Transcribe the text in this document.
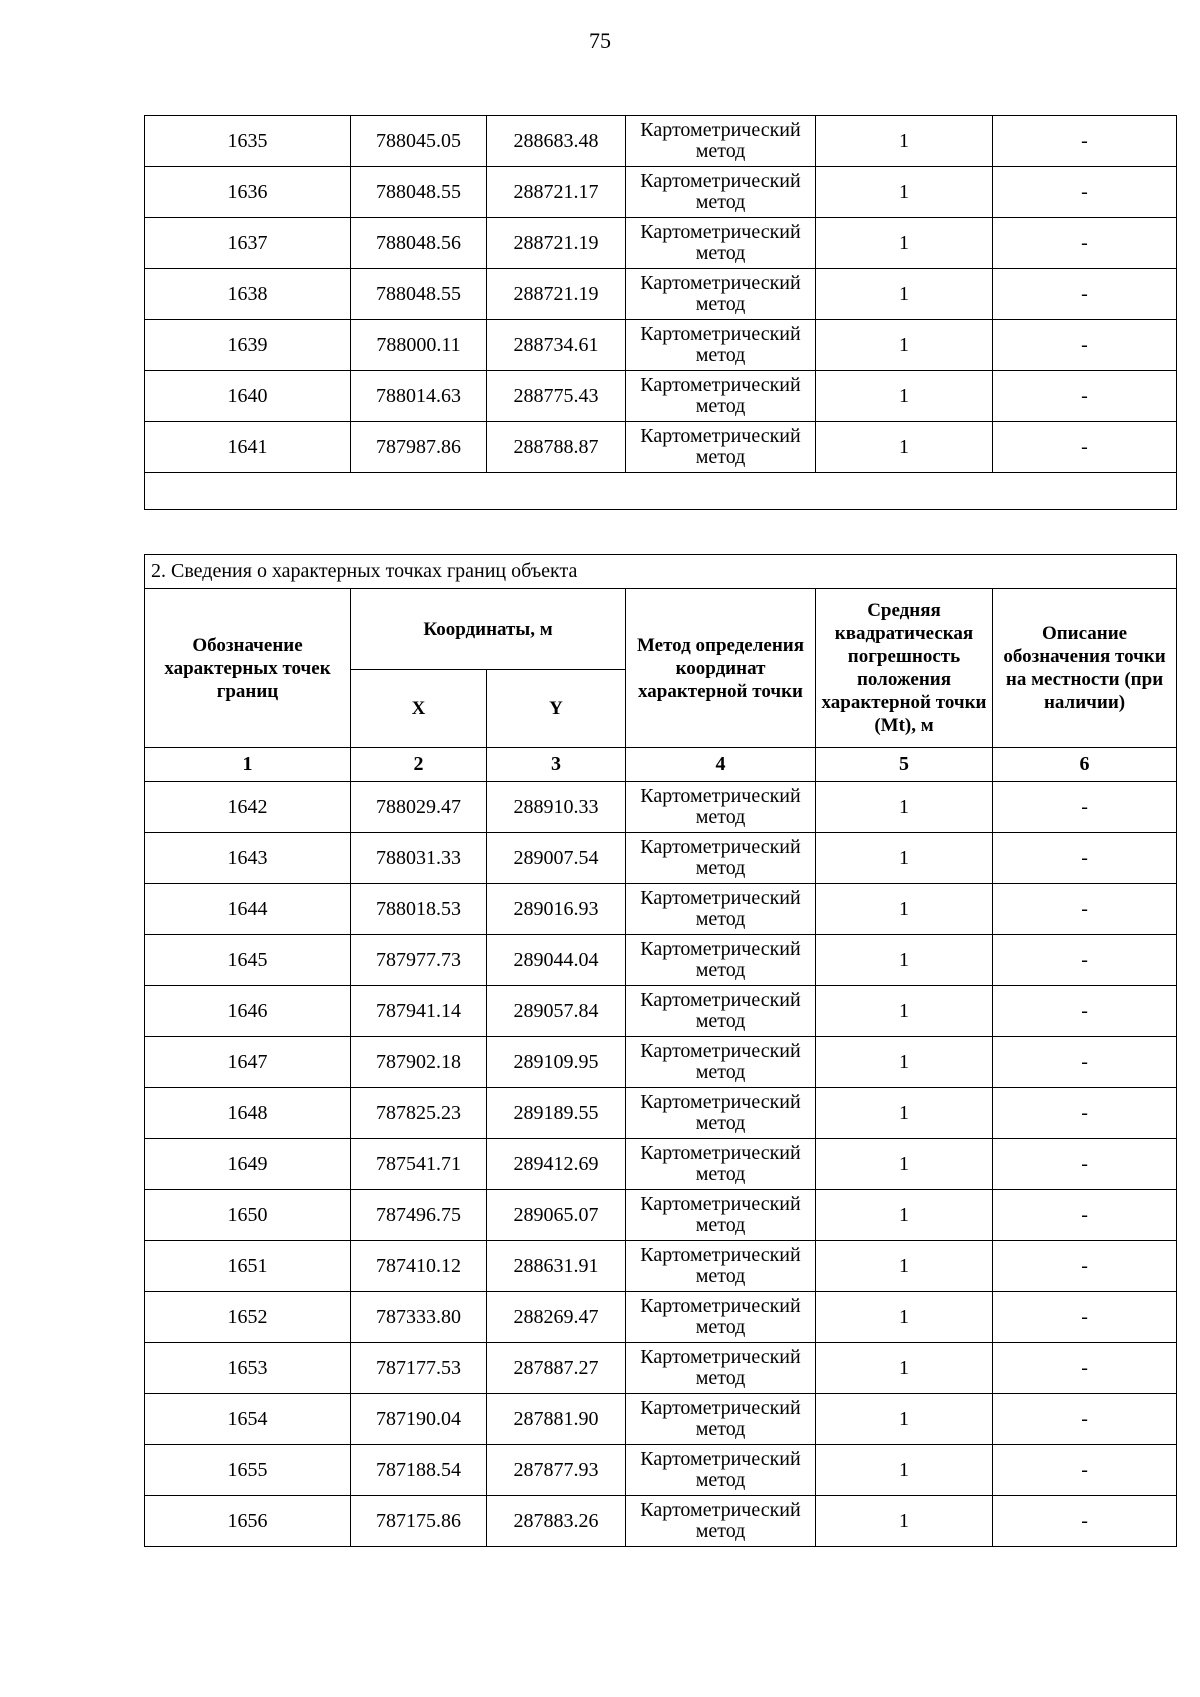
75
1635	788045.05	288683.48	Картометрический метод	1	-
1636	788048.55	288721.17	Картометрический метод	1	-
1637	788048.56	288721.19	Картометрический метод	1	-
1638	788048.55	288721.19	Картометрический метод	1	-
1639	788000.11	288734.61	Картометрический метод	1	-
1640	788014.63	288775.43	Картометрический метод	1	-
1641	787987.86	288788.87	Картометрический метод	1	-

2. Сведения о характерных точках границ объекта					
Обозначение характерных точек границ	Координаты, м		Метод определения координат характерной точки	Средняя квадратическая погрешность положения характерной точки (Mt), м	Описание обозначения точки на местности (при наличии)
	X	Y			
1	2	3	4	5	6
1642	788029.47	288910.33	Картометрический метод	1	-
1643	788031.33	289007.54	Картометрический метод	1	-
1644	788018.53	289016.93	Картометрический метод	1	-
1645	787977.73	289044.04	Картометрический метод	1	-
1646	787941.14	289057.84	Картометрический метод	1	-
1647	787902.18	289109.95	Картометрический метод	1	-
1648	787825.23	289189.55	Картометрический метод	1	-
1649	787541.71	289412.69	Картометрический метод	1	-
1650	787496.75	289065.07	Картометрический метод	1	-
1651	787410.12	288631.91	Картометрический метод	1	-
1652	787333.80	288269.47	Картометрический метод	1	-
1653	787177.53	287887.27	Картометрический метод	1	-
1654	787190.04	287881.90	Картометрический метод	1	-
1655	787188.54	287877.93	Картометрический метод	1	-
1656	787175.86	287883.26	Картометрический метод	1	-
